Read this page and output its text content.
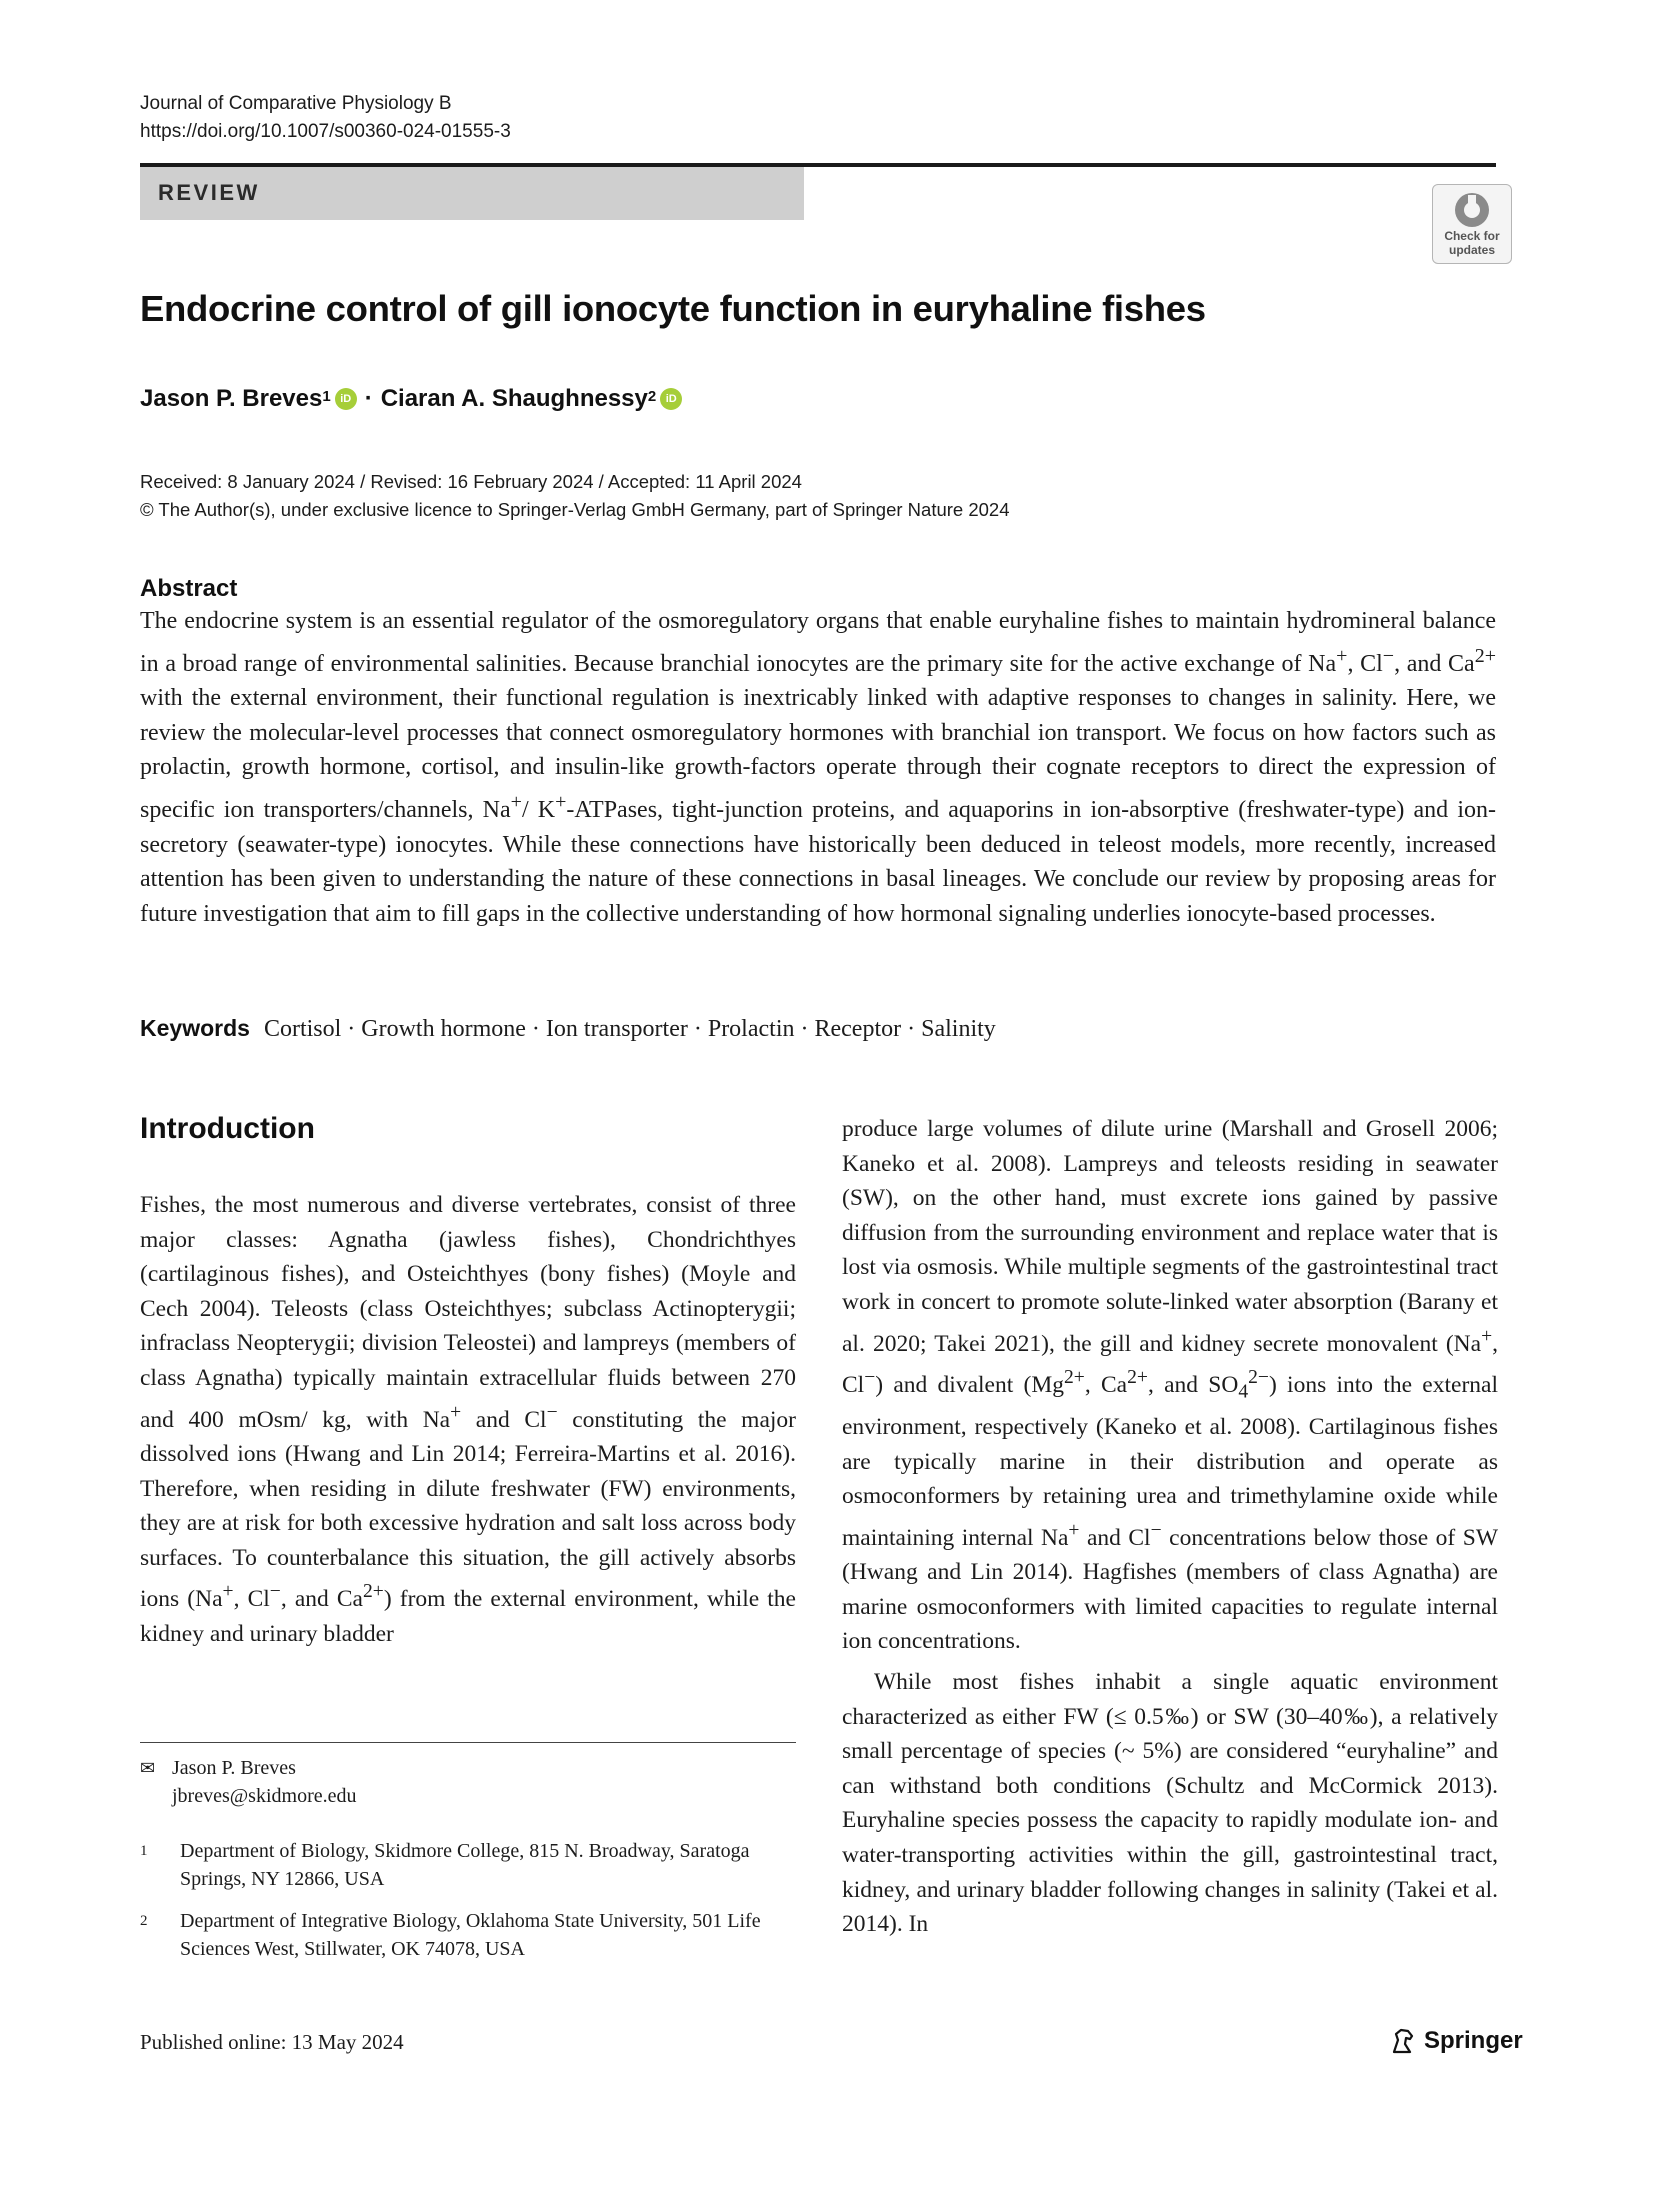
Journal of Comparative Physiology B
https://doi.org/10.1007/s00360-024-01555-3
REVIEW
Check for
updates
Endocrine control of gill ionocyte function in euryhaline fishes
Jason P. Breves$^1$ iD · Ciaran A. Shaughnessy$^2$ iD
Received: 8 January 2024 / Revised: 16 February 2024 / Accepted: 11 April 2024
© The Author(s), under exclusive licence to Springer-Verlag GmbH Germany, part of Springer Nature 2024
Abstract
The endocrine system is an essential regulator of the osmoregulatory organs that enable euryhaline fishes to maintain hydromineral balance in a broad range of environmental salinities. Because branchial ionocytes are the primary site for the active exchange of Na+, Cl−, and $Ca^{2+}$ with the external environment, their functional regulation is inextricably linked with adaptive responses to changes in salinity. Here, we review the molecular-level processes that connect osmoregulatory hormones with branchial ion transport. We focus on how factors such as prolactin, growth hormone, cortisol, and insulin-like growth-factors operate through their cognate receptors to direct the expression of specific ion transporters/channels, Na+/ K+-ATPases, tight-junction proteins, and aquaporins in ion-absorptive (freshwater-type) and ion-secretory (seawater-type) ionocytes. While these connections have historically been deduced in teleost models, more recently, increased attention has been given to understanding the nature of these connections in basal lineages. We conclude our review by proposing areas for future investigation that aim to fill gaps in the collective understanding of how hormonal signaling underlies ionocyte-based processes.
Keywords Cortisol · Growth hormone · Ion transporter · Prolactin · Receptor · Salinity
Introduction
Fishes, the most numerous and diverse vertebrates, consist of three major classes: Agnatha (jawless fishes), Chondrichthyes (cartilaginous fishes), and Osteichthyes (bony fishes) (Moyle and Cech 2004). Teleosts (class Osteichthyes; subclass Actinopterygii; infraclass Neopterygii; division Teleostei) and lampreys (members of class Agnatha) typically maintain extracellular fluids between 270 and 400 mOsm/ kg, with Na+ and Cl− constituting the major dissolved ions (Hwang and Lin 2014; Ferreira-Martins et al. 2016). Therefore, when residing in dilute freshwater (FW) environments, they are at risk for both excessive hydration and salt loss across body surfaces. To counterbalance this situation, the gill actively absorbs ions (Na+, Cl−, and $Ca^{2+}$) from the external environment, while the kidney and urinary bladder
produce large volumes of dilute urine (Marshall and Grosell 2006; Kaneko et al. 2008). Lampreys and teleosts residing in seawater (SW), on the other hand, must excrete ions gained by passive diffusion from the surrounding environment and replace water that is lost via osmosis. While multiple segments of the gastrointestinal tract work in concert to promote solute-linked water absorption (Barany et al. 2020; Takei 2021), the gill and kidney secrete monovalent (Na+, Cl−) and divalent ($Mg^{2+}$, $Ca^{2+}$, and $SO_4^{2-}$) ions into the external environment, respectively (Kaneko et al. 2008). Cartilaginous fishes are typically marine in their distribution and operate as osmoconformers by retaining urea and trimethylamine oxide while maintaining internal Na+ and Cl− concentrations below those of SW (Hwang and Lin 2014). Hagfishes (members of class Agnatha) are marine osmoconformers with limited capacities to regulate internal ion concentrations.
While most fishes inhabit a single aquatic environment characterized as either FW (≤ 0.5‰) or SW (30–40‰), a relatively small percentage of species (~ 5%) are considered “euryhaline” and can withstand both conditions (Schultz and McCormick 2013). Euryhaline species possess the capacity to rapidly modulate ion- and water-transporting activities within the gill, gastrointestinal tract, kidney, and urinary bladder following changes in salinity (Takei et al. 2014). In
✉ Jason P. Breves
jbreves@skidmore.edu
1 Department of Biology, Skidmore College, 815 N. Broadway, Saratoga Springs, NY 12866, USA
2 Department of Integrative Biology, Oklahoma State University, 501 Life Sciences West, Stillwater, OK 74078, USA
Published online: 13 May 2024	Springer
